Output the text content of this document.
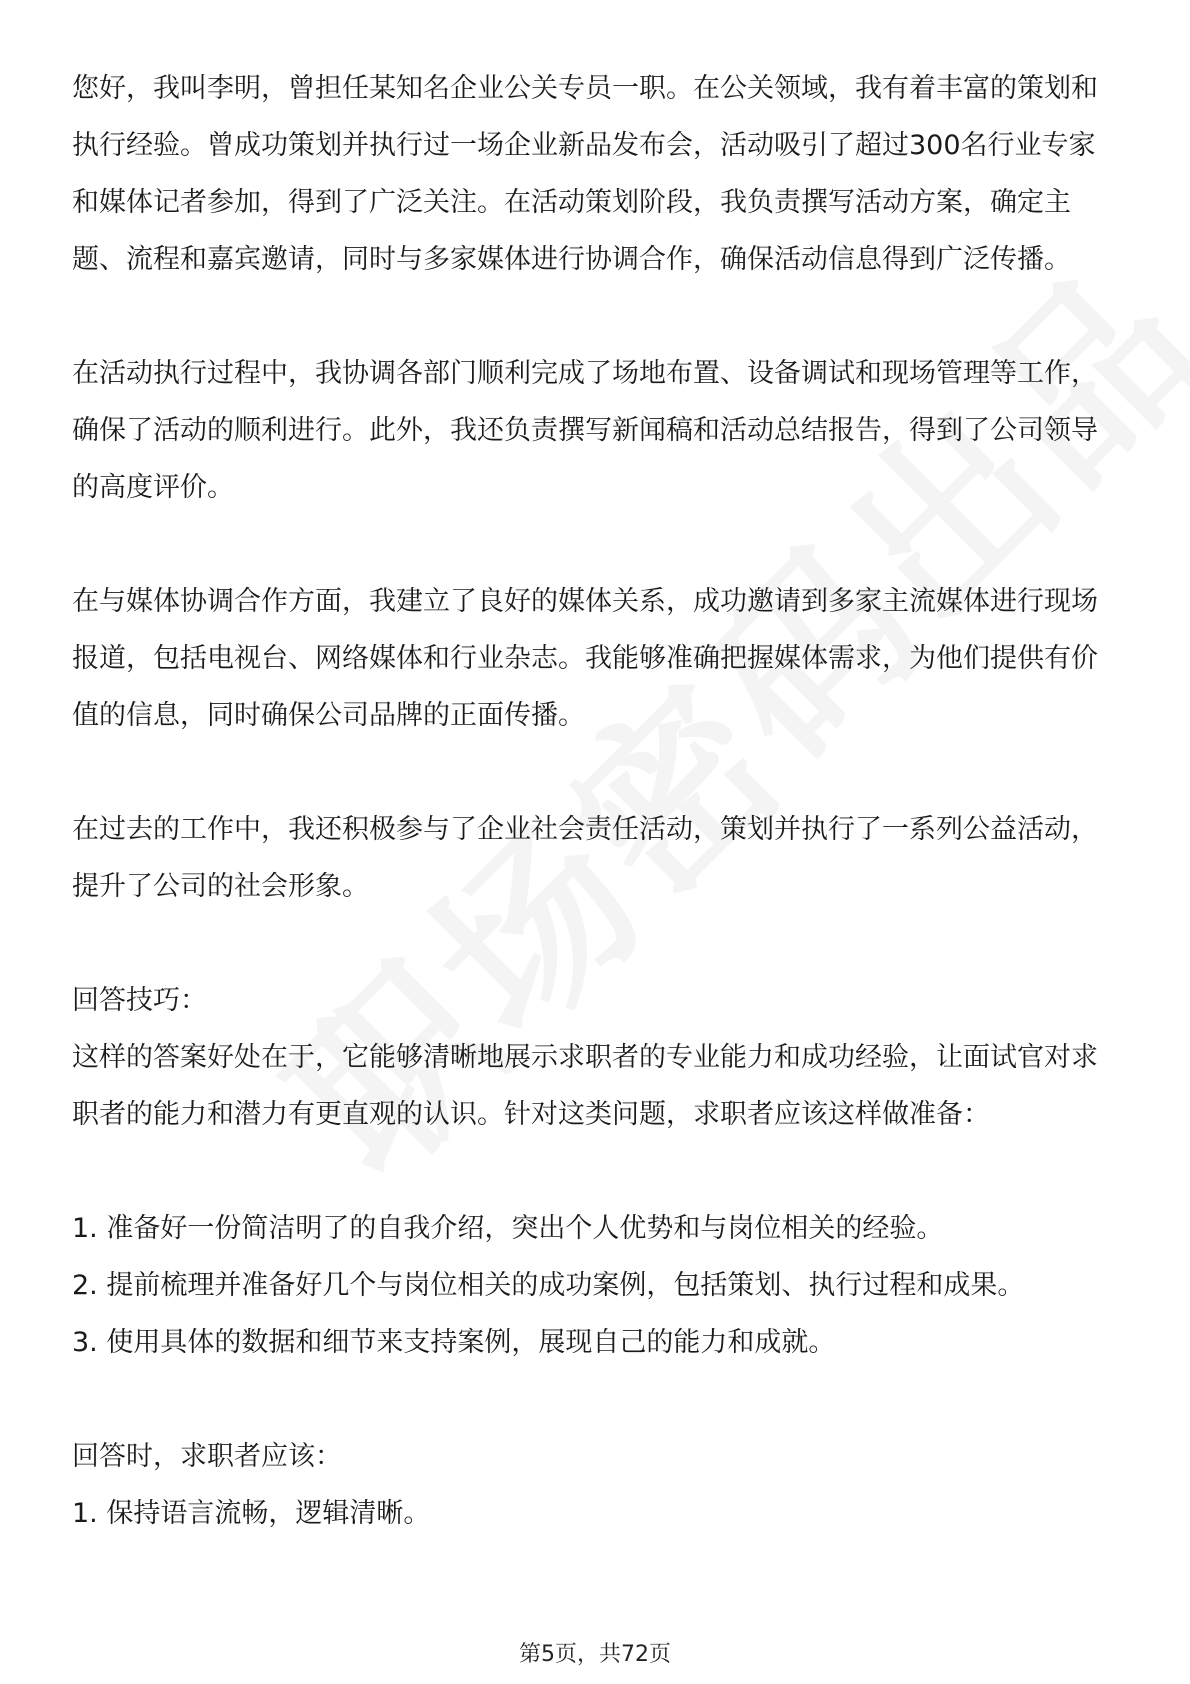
您好，我叫李明，曾担任某知名企业公关专员一职。在公关领域，我有着丰富的策划和执行经验。曾成功策划并执行过一场企业新品发布会，活动吸引了超过300名行业专家和媒体记者参加，得到了广泛关注。在活动策划阶段，我负责撰写活动方案，确定主题、流程和嘉宾邀请，同时与多家媒体进行协调合作，确保活动信息得到广泛传播。

在活动执行过程中，我协调各部门顺利完成了场地布置、设备调试和现场管理等工作，确保了活动的顺利进行。此外，我还负责撰写新闻稿和活动总结报告，得到了公司领导的高度评价。

在与媒体协调合作方面，我建立了良好的媒体关系，成功邀请到多家主流媒体进行现场报道，包括电视台、网络媒体和行业杂志。我能够准确把握媒体需求，为他们提供有价值的信息，同时确保公司品牌的正面传播。

在过去的工作中，我还积极参与了企业社会责任活动，策划并执行了一系列公益活动，提升了公司的社会形象。

回答技巧：

这样的答案好处在于，它能够清晰地展示求职者的专业能力和成功经验，让面试官对求职者的能力和潜力有更直观的认识。针对这类问题，求职者应该这样做准备：

1. 准备好一份简洁明了的自我介绍，突出个人优势和与岗位相关的经验。

2. 提前梳理并准备好几个与岗位相关的成功案例，包括策划、执行过程和成果。

3. 使用具体的数据和细节来支持案例，展现自己的能力和成就。

回答时，求职者应该：

1. 保持语言流畅，逻辑清晰。

第5页，共72页
